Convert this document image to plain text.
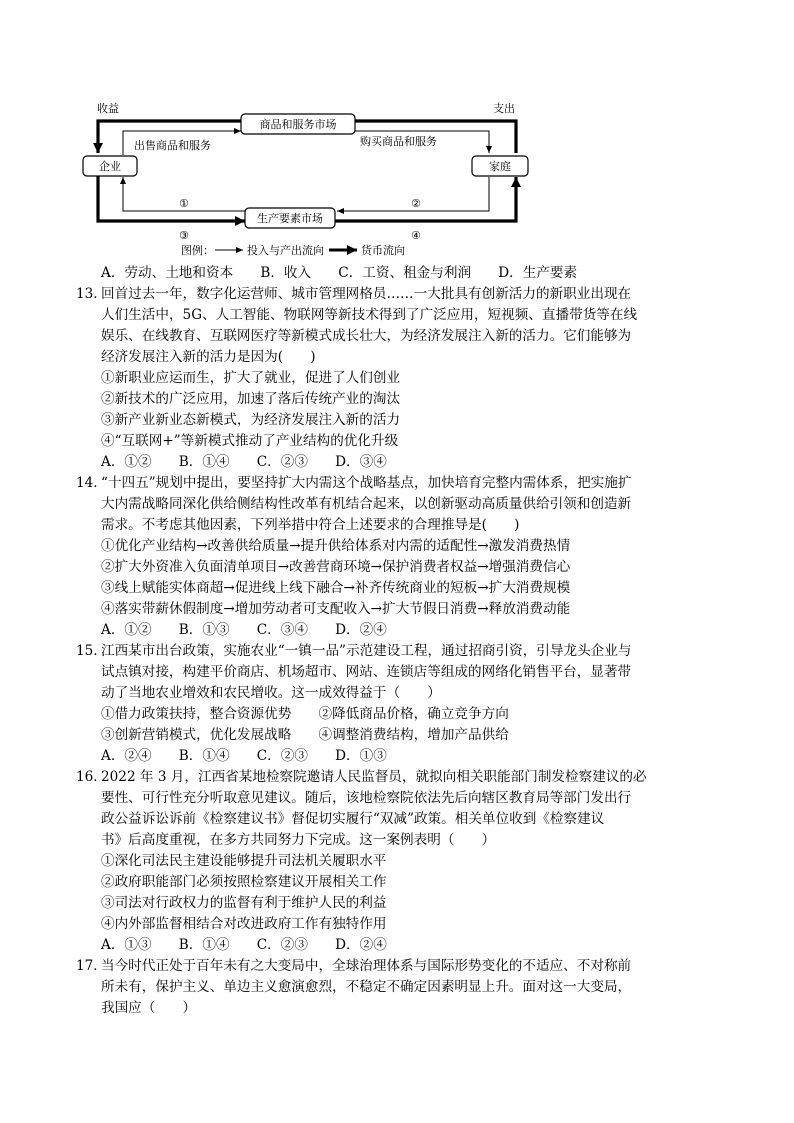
商品和服务市场
生产要素市场
企业	家庭
收益	支出
出售商品和服务	购买商品和服务
①	②
③	④
图例：	投入与产出流向	货币流向
A．劳动、土地和资本　　B．收入　　C．工资、租金与利润　　D．生产要素
13．
回首过去一年，数字化运营师、城市管理网格员……一大批具有创新活力的新职业出现在
人们生活中，5G、人工智能、物联网等新技术得到了广泛应用，短视频、直播带货等在线
娱乐、在线教育、互联网医疗等新模式成长壮大，为经济发展注入新的活力。它们能够为
经济发展注入新的活力是因为(　　)
①新职业应运而生，扩大了就业，促进了人们创业
②新技术的广泛应用，加速了落后传统产业的淘汰
③新产业新业态新模式，为经济发展注入新的活力
④“互联网+”等新模式推动了产业结构的优化升级
A．①②　　B．①④　　C．②③　　D．③④
14．
“十四五”规划中提出，要坚持扩大内需这个战略基点，加快培育完整内需体系，把实施扩
大内需战略同深化供给侧结构性改革有机结合起来，以创新驱动高质量供给引领和创造新
需求。不考虑其他因素，下列举措中符合上述要求的合理推导是(　　)
①优化产业结构→改善供给质量→提升供给体系对内需的适配性→激发消费热情
②扩大外资准入负面清单项目→改善营商环境→保护消费者权益→增强消费信心
③线上赋能实体商超→促进线上线下融合→补齐传统商业的短板→扩大消费规模
④落实带薪休假制度→增加劳动者可支配收入→扩大节假日消费→释放消费动能
A．①②　　B．①③　　C．③④　　D．②④
15．
江西某市出台政策，实施农业“一镇一品”示范建设工程，通过招商引资，引导龙头企业与
试点镇对接，构建平价商店、机场超市、网站、连锁店等组成的网络化销售平台，显著带
动了当地农业增效和农民增收。这一成效得益于（　　）
①借力政策扶持，整合资源优势　　②降低商品价格，确立竞争方向
③创新营销模式，优化发展战略　　④调整消费结构，增加产品供给
A．②④　　B．①④　　C．②③　　D．①③
16．
2022 年 3 月，江西省某地检察院邀请人民监督员，就拟向相关职能部门制发检察建议的必
要性、可行性充分听取意见建议。随后，该地检察院依法先后向辖区教育局等部门发出行
政公益诉讼诉前《检察建议书》督促切实履行“双减”政策。相关单位收到《检察建议
书》后高度重视，在多方共同努力下完成。这一案例表明（　　）
①深化司法民主建设能够提升司法机关履职水平
②政府职能部门必须按照检察建议开展相关工作
③司法对行政权力的监督有利于维护人民的利益
④内外部监督相结合对改进政府工作有独特作用
A．①③　　B．①④　　C．②③　　D．②④
17．
当今时代正处于百年未有之大变局中，全球治理体系与国际形势变化的不适应、不对称前
所未有，保护主义、单边主义愈演愈烈，不稳定不确定因素明显上升。面对这一大变局，
我国应（　　）
